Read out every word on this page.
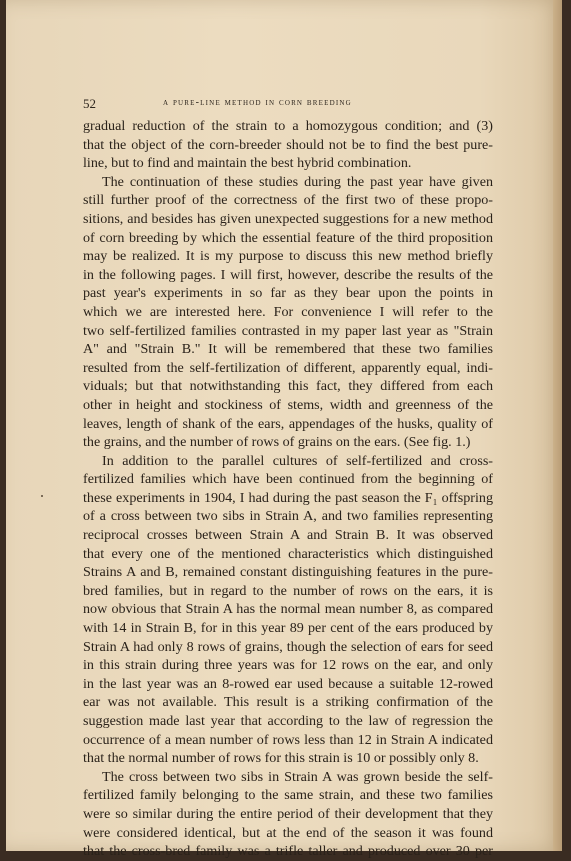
52	a pure-line method in corn breeding
gradual reduction of the strain to a homozygous condition; and (3)
that the object of the corn-breeder should not be to find the best pure-
line, but to find and maintain the best hybrid combination.
The continuation of these studies during the past year have given
still further proof of the correctness of the first two of these propo-
sitions, and besides has given unexpected suggestions for a new method
of corn breeding by which the essential feature of the third proposition
may be realized. It is my purpose to discuss this new method briefly
in the following pages. I will first, however, describe the results of the
past year's experiments in so far as they bear upon the points in
which we are interested here. For convenience I will refer to the
two self-fertilized families contrasted in my paper last year as "Strain
A" and "Strain B." It will be remembered that these two families
resulted from the self-fertilization of different, apparently equal, indi-
viduals; but that notwithstanding this fact, they differed from each
other in height and stockiness of stems, width and greenness of the
leaves, length of shank of the ears, appendages of the husks, quality of
the grains, and the number of rows of grains on the ears. (See fig. 1.)
In addition to the parallel cultures of self-fertilized and cross-
fertilized families which have been continued from the beginning of
these experiments in 1904, I had during the past season the F₁ offspring
of a cross between two sibs in Strain A, and two families representing
reciprocal crosses between Strain A and Strain B. It was observed
that every one of the mentioned characteristics which distinguished
Strains A and B, remained constant distinguishing features in the pure-
bred families, but in regard to the number of rows on the ears, it is
now obvious that Strain A has the normal mean number 8, as compared
with 14 in Strain B, for in this year 89 per cent of the ears produced by
Strain A had only 8 rows of grains, though the selection of ears for seed
in this strain during three years was for 12 rows on the ear, and only
in the last year was an 8-rowed ear used because a suitable 12-rowed
ear was not available. This result is a striking confirmation of the
suggestion made last year that according to the law of regression the
occurrence of a mean number of rows less than 12 in Strain A indicated
that the normal number of rows for this strain is 10 or possibly only 8.
The cross between two sibs in Strain A was grown beside the self-
fertilized family belonging to the same strain, and these two families
were so similar during the entire period of their development that they
were considered identical, but at the end of the season it was found
that the cross-bred family was a trifle taller and produced over 30 per
